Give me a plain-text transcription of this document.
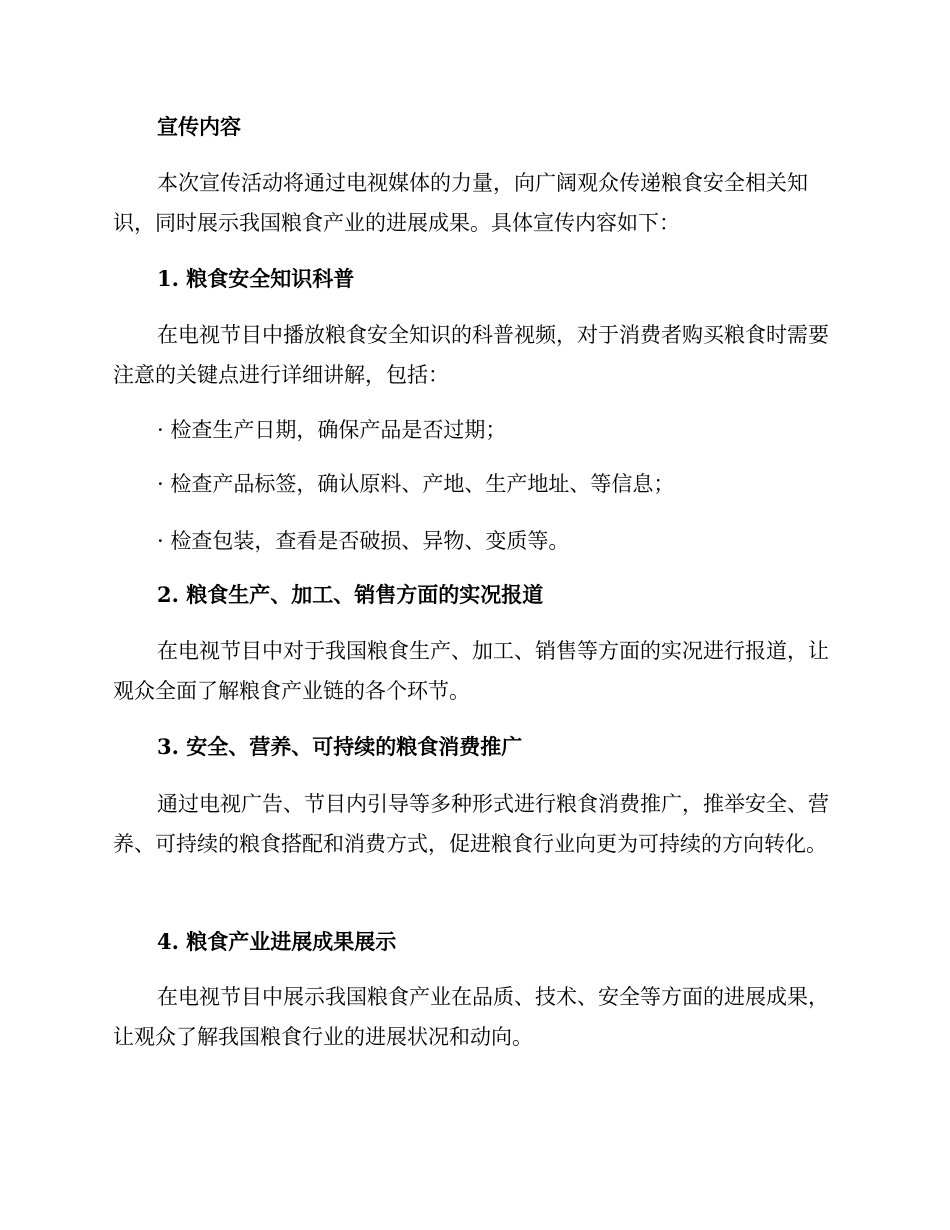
宣传内容

本次宣传活动将通过电视媒体的力量，向广阔观众传递粮食安全相关知识，同时展示我国粮食产业的进展成果。具体宣传内容如下：

1. 粮食安全知识科普

在电视节目中播放粮食安全知识的科普视频，对于消费者购买粮食时需要注意的关键点进行详细讲解，包括：

· 检查生产日期，确保产品是否过期；

· 检查产品标签，确认原料、产地、生产地址、等信息；

· 检查包装，查看是否破损、异物、变质等。

2. 粮食生产、加工、销售方面的实况报道

在电视节目中对于我国粮食生产、加工、销售等方面的实况进行报道，让观众全面了解粮食产业链的各个环节。

3. 安全、营养、可持续的粮食消费推广

通过电视广告、节目内引导等多种形式进行粮食消费推广，推举安全、营养、可持续的粮食搭配和消费方式，促进粮食行业向更为可持续的方向转化。

4. 粮食产业进展成果展示

在电视节目中展示我国粮食产业在品质、技术、安全等方面的进展成果，让观众了解我国粮食行业的进展状况和动向。
